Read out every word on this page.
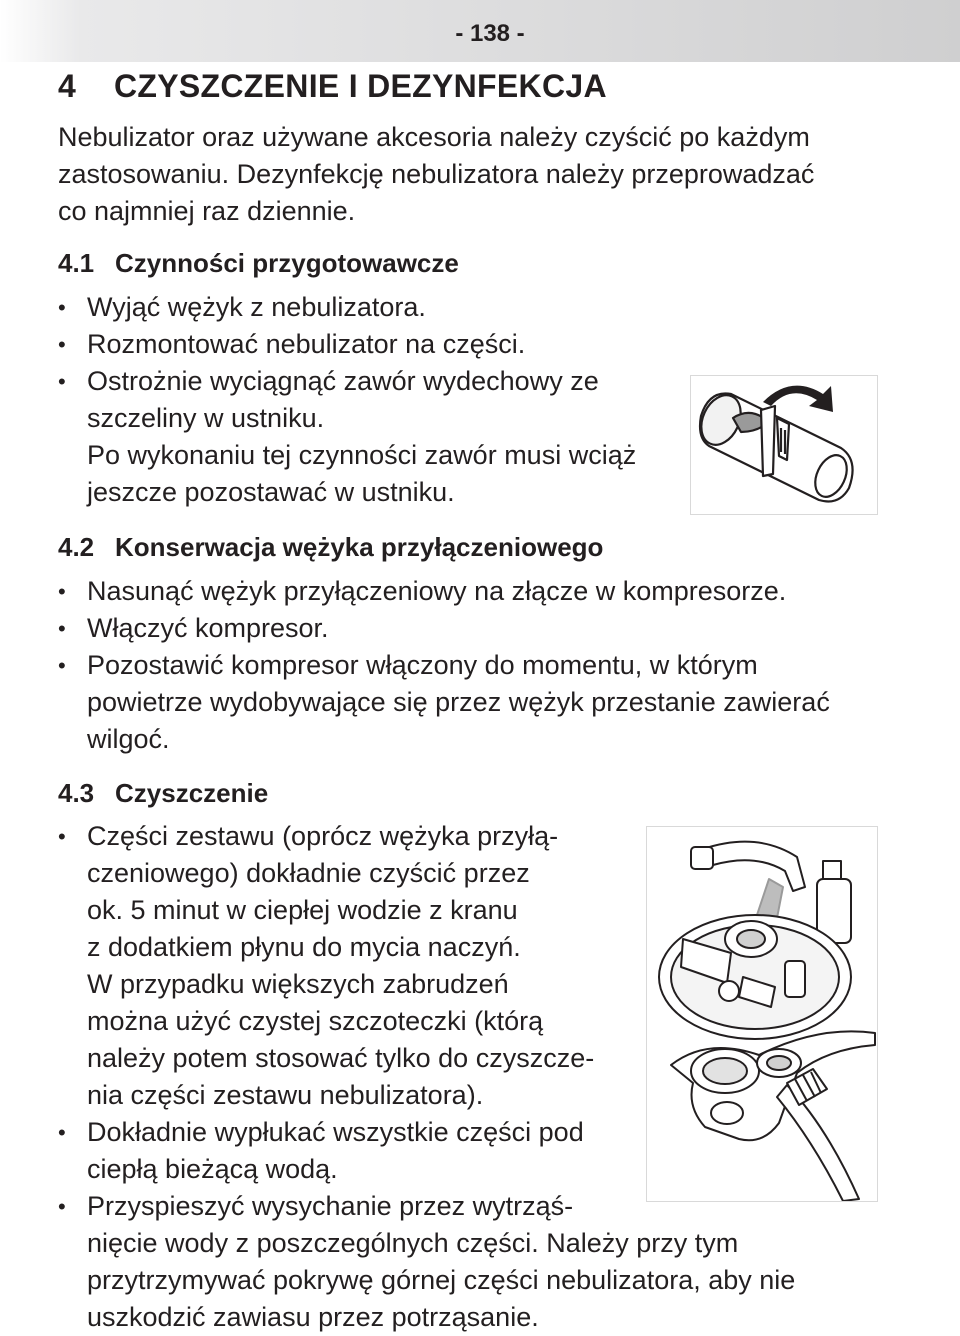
- 138 -
4 CZYSZCZENIE I DEZYNFEKCJA
Nebulizator oraz używane akcesoria należy czyścić po każdym
zastosowaniu. Dezynfekcję nebulizatora należy przeprowadzać
co najmniej raz dziennie.
4.1 Czynności przygotowawcze
• Wyjąć wężyk z nebulizatora.
• Rozmontować nebulizator na części.
• Ostrożnie wyciągnąć zawór wydechowy ze
szczeliny w ustniku.
Po wykonaniu tej czynności zawór musi wciąż
jeszcze pozostawać w ustniku.
4.2 Konserwacja wężyka przyłączeniowego
• Nasunąć wężyk przyłączeniowy na złącze w kompresorze.
• Włączyć kompresor.
• Pozostawić kompresor włączony do momentu, w którym
powietrze wydobywające się przez wężyk przestanie zawierać
wilgoć.
4.3 Czyszczenie
• Części zestawu (oprócz wężyka przyłą-
czeniowego) dokładnie czyścić przez
ok. 5 minut w ciepłej wodzie z kranu
z dodatkiem płynu do mycia naczyń.
W przypadku większych zabrudzeń
można użyć czystej szczoteczki (którą
należy potem stosować tylko do czyszcze-
nia części zestawu nebulizatora).
• Dokładnie wypłukać wszystkie części pod
ciepłą bieżącą wodą.
• Przyspieszyć wysychanie przez wytrząś-
nięcie wody z poszczególnych części. Należy przy tym
przytrzymywać pokrywę górnej części nebulizatora, aby nie
uszkodzić zawiasu przez potrząsanie.
